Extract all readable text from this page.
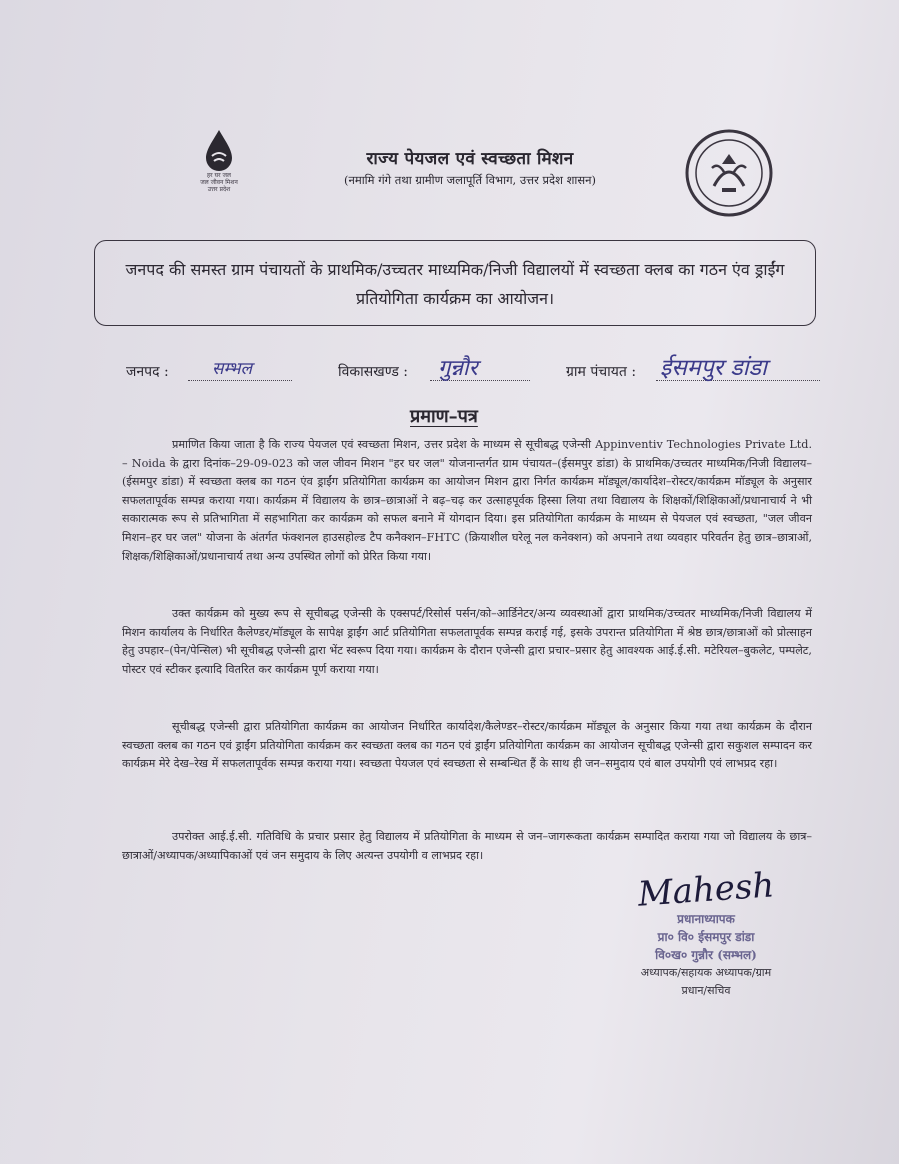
हर घर जल
जल जीवन मिशन
उत्तर प्रदेश
राज्य पेयजल एवं स्वच्छता मिशन
(नमामि गंगे तथा ग्रामीण जलापूर्ति विभाग, उत्तर प्रदेश शासन)
जनपद की समस्त ग्राम पंचायतों के प्राथमिक/उच्चतर माध्यमिक/निजी विद्यालयों में स्वच्छता क्लब का गठन एंव ड्राईंग प्रतियोगिता कार्यक्रम का आयोजन।
जनपद :	सम्भल	विकासखण्ड : गुन्नौर	ग्राम पंचायत : ईसमपुर डांडा
प्रमाण–पत्र

प्रमाणित किया जाता है कि राज्य पेयजल एवं स्वच्छता मिशन, उत्तर प्रदेश के माध्यम से सूचीबद्ध एजेन्सी Appinventiv Technologies Private Ltd. – Noida के द्वारा दिनांक–29-09-023 को जल जीवन मिशन "हर घर जल" योजनान्तर्गत ग्राम पंचायत–(ईसमपुर डांडा) के प्राथमिक/उच्चतर माध्यमिक/निजी विद्यालय–(ईसमपुर डांडा) में स्वच्छता क्लब का गठन एंव ड्राईंग प्रतियोगिता कार्यक्रम का आयोजन मिशन द्वारा निर्गत कार्यक्रम मॉड्यूल/कार्यादेश–रोस्टर/कार्यक्रम मॉड्यूल के अनुसार सफलतापूर्वक सम्पन्न कराया गया। कार्यक्रम में विद्यालय के छात्र–छात्राओं ने बढ़–चढ़ कर उत्साहपूर्वक हिस्सा लिया तथा विद्यालय के शिक्षकों/शिक्षिकाओं/प्रधानाचार्य ने भी सकारात्मक रूप से प्रतिभागिता में सहभागिता कर कार्यक्रम को सफल बनाने में योगदान दिया। इस प्रतियोगिता कार्यक्रम के माध्यम से पेयजल एवं स्वच्छता, "जल जीवन मिशन–हर घर जल" योजना के अंतर्गत फंक्शनल हाउसहोल्ड टैप कनैक्शन–FHTC (क्रियाशील घरेलू नल कनेक्शन) को अपनाने तथा व्यवहार परिवर्तन हेतु छात्र–छात्राओं, शिक्षक/शिक्षिकाओं/प्रधानाचार्य तथा अन्य उपस्थित लोगों को प्रेरित किया गया।

उक्त कार्यक्रम को मुख्य रूप से सूचीबद्ध एजेन्सी के एक्सपर्ट/रिसोर्स पर्सन/को–आर्डिनेटर/अन्य व्यवस्थाओं द्वारा प्राथमिक/उच्चतर माध्यमिक/निजी विद्यालय में मिशन कार्यालय के निर्धारित कैलेण्डर/मॉड्यूल के सापेक्ष ड्राईंग आर्ट प्रतियोगिता सफलतापूर्वक सम्पन्न कराई गई, इसके उपरान्त प्रतियोगिता में श्रेष्ठ छात्र/छात्राओं को प्रोत्साहन हेतु उपहार–(पेन/पेन्सिल) भी सूचीबद्ध एजेन्सी द्वारा भेंट स्वरूप दिया गया। कार्यक्रम के दौरान एजेन्सी द्वारा प्रचार–प्रसार हेतु आवश्यक आई.ई.सी. मटेरियल–बुकलेट, पम्पलेट, पोस्टर एवं स्टीकर इत्यादि वितरित कर कार्यक्रम पूर्ण कराया गया।

सूचीबद्ध एजेन्सी द्वारा प्रतियोगिता कार्यक्रम का आयोजन निर्धारित कार्यादेश/कैलेण्डर–रोस्टर/कार्यक्रम मॉड्यूल के अनुसार किया गया तथा कार्यक्रम के दौरान स्वच्छता क्लब का गठन एवं ड्राईंग प्रतियोगिता कार्यक्रम कर स्वच्छता क्लब का गठन एवं ड्राईंग प्रतियोगिता कार्यक्रम का आयोजन सूचीबद्ध एजेन्सी द्वारा सकुशल सम्पादन कर कार्यक्रम मेरे देख–रेख में सफलतापूर्वक सम्पन्न कराया गया। स्वच्छता पेयजल एवं स्वच्छता से सम्बन्धित हैं के साथ ही जन–समुदाय एवं बाल उपयोगी एवं लाभप्रद रहा।

उपरोक्त आई.ई.सी. गतिविधि के प्रचार प्रसार हेतु विद्यालय में प्रतियोगिता के माध्यम से जन–जागरूकता कार्यक्रम सम्पादित कराया गया जो विद्यालय के छात्र–छात्राओं/अध्यापक/अध्यापिकाओं एवं जन समुदाय के लिए अत्यन्त उपयोगी व लाभप्रद रहा।

Mahesh
प्रधानाध्यापक
प्रा० वि० ईसमपुर डांडा
वि०ख० गुन्नौर (सम्भल)
अध्यापक/सहायक अध्यापक/ग्राम
प्रधान/सचिव
